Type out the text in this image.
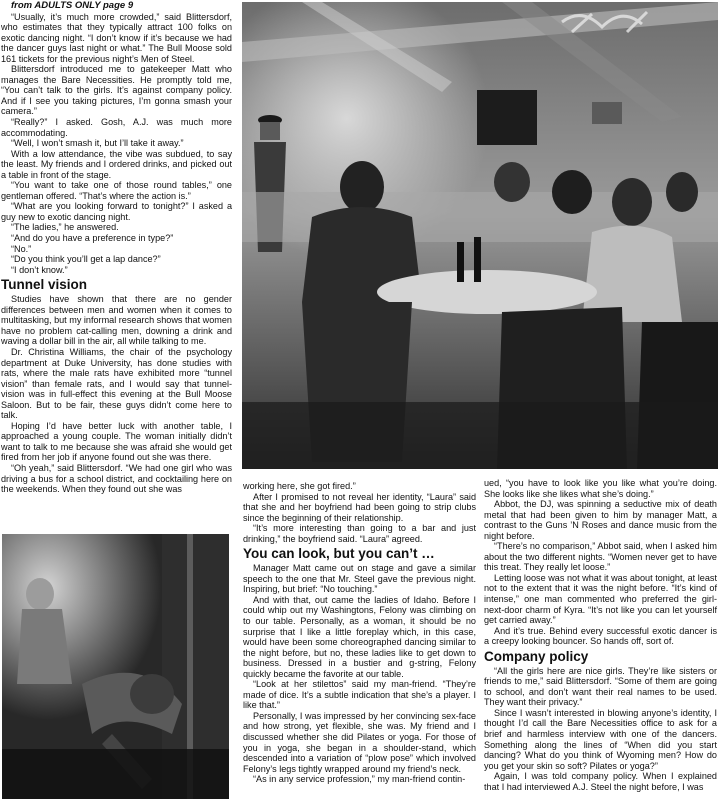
from ADULTS ONLY page 9

“Usually, it’s much more crowded,” said Blittersdorf, who estimates that they typically attract 100 folks on exotic dancing night. “I don’t know if it’s because we had the dancer guys last night or what.” The Bull Moose sold 161 tickets for the previous night’s Men of Steel.

Blittersdorf introduced me to gatekeeper Matt who manages the Bare Necessities. He promptly told me, “You can’t talk to the girls. It’s against company policy. And if I see you taking pictures, I’m gonna smash your camera.”

“Really?” I asked. Gosh, A.J. was much more accommodating.

“Well, I won’t smash it, but I’ll take it away.”

With a low attendance, the vibe was subdued, to say the least. My friends and I ordered drinks, and picked out a table in front of the stage.

“You want to take one of those round tables,” one gentleman offered. “That’s where the action is.”

“What are you looking forward to tonight?” I asked a guy new to exotic dancing night.

“The ladies,” he answered.

“And do you have a preference in type?”

“No.”

“Do you think you’ll get a lap dance?”

“I don’t know.”

Tunnel vision

Studies have shown that there are no gender differences between men and women when it comes to multitasking, but my informal research shows that women have no problem cat-calling men, downing a drink and waving a dollar bill in the air, all while talking to me.

Dr. Christina Williams, the chair of the psychology department at Duke University, has done studies with rats, where the male rats have exhibited more “tunnel vision” than female rats, and I would say that tunnel-vision was in full-effect this evening at the Bull Moose Saloon. But to be fair, these guys didn’t come here to talk.

Hoping I’d have better luck with another table, I approached a young couple. The woman initially didn’t want to talk to me because she was afraid she would get fired from her job if anyone found out she was there.

“Oh yeah,” said Blittersdorf. “We had one girl who was driving a bus for a school district, and cocktailing here on the weekends. When they found out she was	working here, she got fired.”

After I promised to not reveal her identity, “Laura” said that she and her boyfriend had been going to strip clubs since the beginning of their relationship.

“It’s more interesting than going to a bar and just drinking,” the boyfriend said. “Laura” agreed.

You can look, but you can’t …

Manager Matt came out on stage and gave a similar speech to the one that Mr. Steel gave the previous night. Inspiring, but brief: “No touching.”

And with that, out came the ladies of Idaho. Before I could whip out my Washingtons, Felony was climbing on to our table. Personally, as a woman, it should be no surprise that I like a little foreplay which, in this case, would have been some choreographed dancing similar to the night before, but no, these ladies like to get down to business. Dressed in a bustier and g-string, Felony quickly became the favorite at our table.

“Look at her stilettos” said my man-friend. “They’re made of dice. It’s a subtle indication that she’s a player. I like that.”

Personally, I was impressed by her convincing sex-face and how strong, yet flexible, she was. My friend and I discussed whether she did Pilates or yoga. For those of you in yoga, she began in a shoulder-stand, which descended into a variation of “plow pose” which involved Felony’s legs tightly wrapped around my friend’s neck.

“As in any service profession,” my man-friend contin-

ued, “you have to look like you like what you’re doing. She looks like she likes what she’s doing.”

Abbot, the DJ, was spinning a seductive mix of death metal that had been given to him by manager Matt, a contrast to the Guns ’N Roses and dance music from the night before.

“There’s no comparison,” Abbot said, when I asked him about the two different nights. “Women never get to have this treat. They really let loose.”

Letting loose was not what it was about tonight, at least not to the extent that it was the night before. “It’s kind of intense,” one man commented who preferred the girl-next-door charm of Kyra. “It’s not like you can let yourself get carried away.”

And it’s true. Behind every successful exotic dancer is a creepy looking bouncer. So hands off, sort of.

Company policy

“All the girls here are nice girls. They’re like sisters or friends to me,” said Blittersdorf. “Some of them are going to school, and don’t want their real names to be used. They want their privacy.”

Since I wasn’t interested in blowing anyone’s identity, I thought I’d call the Bare Necessities office to ask for a brief and harmless interview with one of the dancers. Something along the lines of “When did you start dancing? What do you think of Wyoming men? How do you get your skin so soft? Pilates or yoga?”

Again, I was told company policy. When I explained that I had interviewed A.J. Steel the night before, I was
